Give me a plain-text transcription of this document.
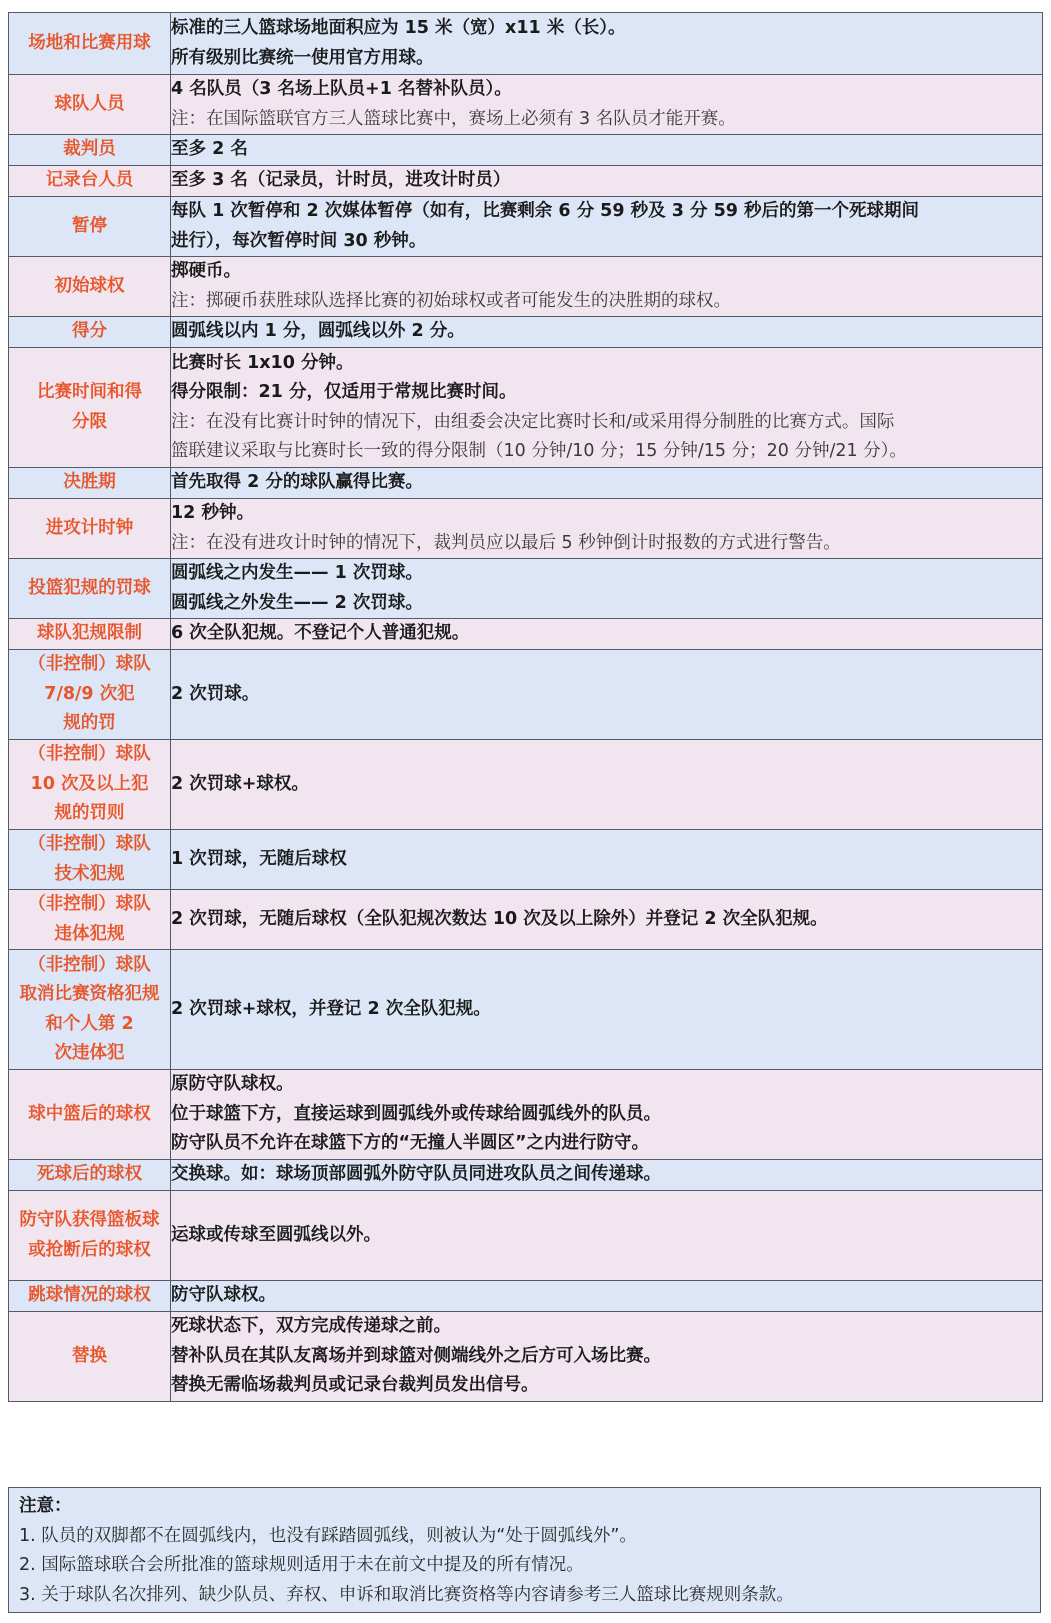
场地和比赛用球	标准的三人篮球场地面积应为 15 米（宽）x11 米（长）。
所有级别比赛统一使用官方用球。

球队人员	4 名队员（3 名场上队员+1 名替补队员）。
注：在国际篮联官方三人篮球比赛中，赛场上必须有 3 名队员才能开赛。

裁判员	至多 2 名

记录台人员	至多 3 名（记录员，计时员，进攻计时员）

暂停	每队 1 次暂停和 2 次媒体暂停（如有，比赛剩余 6 分 59 秒及 3 分 59 秒后的第一个死球期间
进行），每次暂停时间 30 秒钟。

初始球权	掷硬币。
注：掷硬币获胜球队选择比赛的初始球权或者可能发生的决胜期的球权。

得分	圆弧线以内 1 分，圆弧线以外 2 分。

比赛时间和得
分限	比赛时长 1x10 分钟。
得分限制：21 分，仅适用于常规比赛时间。
注：在没有比赛计时钟的情况下，由组委会决定比赛时长和/或采用得分制胜的比赛方式。国际
篮联建议采取与比赛时长一致的得分限制（10 分钟/10 分；15 分钟/15 分；20 分钟/21 分）。

决胜期	首先取得 2 分的球队赢得比赛。

进攻计时钟	12 秒钟。
注：在没有进攻计时钟的情况下，裁判员应以最后 5 秒钟倒计时报数的方式进行警告。

投篮犯规的罚球	圆弧线之内发生—— 1 次罚球。
圆弧线之外发生—— 2 次罚球。

球队犯规限制	6 次全队犯规。不登记个人普通犯规。

（非控制）球队
7/8/9 次犯
规的罚	2 次罚球。

（非控制）球队
10 次及以上犯
规的罚则	2 次罚球+球权。

（非控制）球队
技术犯规	1 次罚球，无随后球权

（非控制）球队
违体犯规	2 次罚球，无随后球权（全队犯规次数达 10 次及以上除外）并登记 2 次全队犯规。

（非控制）球队
取消比赛资格犯规
和个人第 2
次违体犯	2 次罚球+球权，并登记 2 次全队犯规。

球中篮后的球权	原防守队球权。
位于球篮下方，直接运球到圆弧线外或传球给圆弧线外的队员。
防守队员不允许在球篮下方的“无撞人半圆区”之内进行防守。

死球后的球权	交换球。如：球场顶部圆弧外防守队员同进攻队员之间传递球。

防守队获得篮板球
或抢断后的球权	运球或传球至圆弧线以外。

跳球情况的球权	防守队球权。

替换	死球状态下，双方完成传递球之前。
替补队员在其队友离场并到球篮对侧端线外之后方可入场比赛。
替换无需临场裁判员或记录台裁判员发出信号。
注意：
1. 队员的双脚都不在圆弧线内，也没有踩踏圆弧线，则被认为“处于圆弧线外”。
2. 国际篮球联合会所批准的篮球规则适用于未在前文中提及的所有情况。
3. 关于球队名次排列、缺少队员、弃权、申诉和取消比赛资格等内容请参考三人篮球比赛规则条款。
